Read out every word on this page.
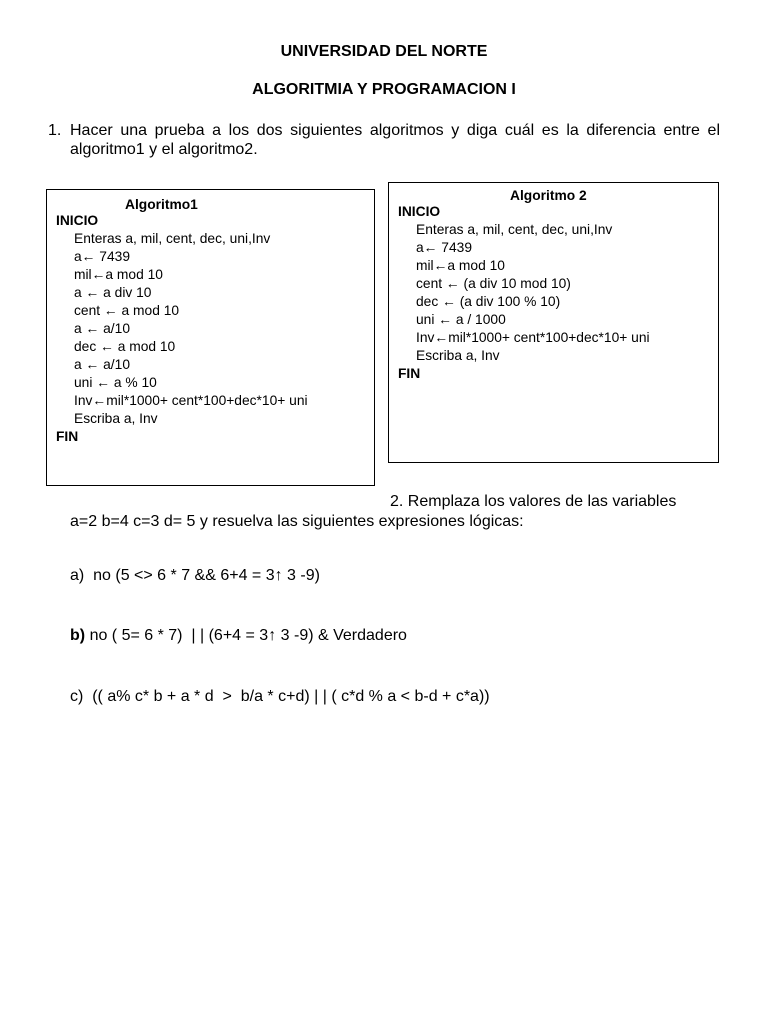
UNIVERSIDAD DEL NORTE
ALGORITMIA Y PROGRAMACION I
1. Hacer una prueba a los dos siguientes algoritmos y diga cuál es la diferencia entre el algoritmo1 y el algoritmo2.
Algoritmo1
INICIO
Enteras a, mil, cent, dec, uni,Inv
a← 7439
mil←a mod 10
a ← a div 10
cent ← a mod 10
a ← a/10
dec ← a mod 10
a ← a/10
uni ← a % 10
Inv←mil*1000+ cent*100+dec*10+ uni
Escriba a, Inv
FIN
Algoritmo 2
INICIO
Enteras a, mil, cent, dec, uni,Inv
a← 7439
mil←a mod 10
cent ← (a div 10 mod 10)
dec ← (a div 100 % 10)
uni ← a / 1000
Inv←mil*1000+ cent*100+dec*10+ uni
Escriba a, Inv
FIN
2. Remplaza los valores de las variables
a=2 b=4 c=3 d= 5 y resuelva las siguientes expresiones lógicas:
a) no (5 <> 6 * 7 && 6+4 = 3↑ 3 -9)
b) no ( 5= 6 * 7)  | | (6+4 = 3↑ 3 -9) & Verdadero
c) (( a% c* b + a * d  >  b/a * c+d) | | ( c*d % a < b-d + c*a))
